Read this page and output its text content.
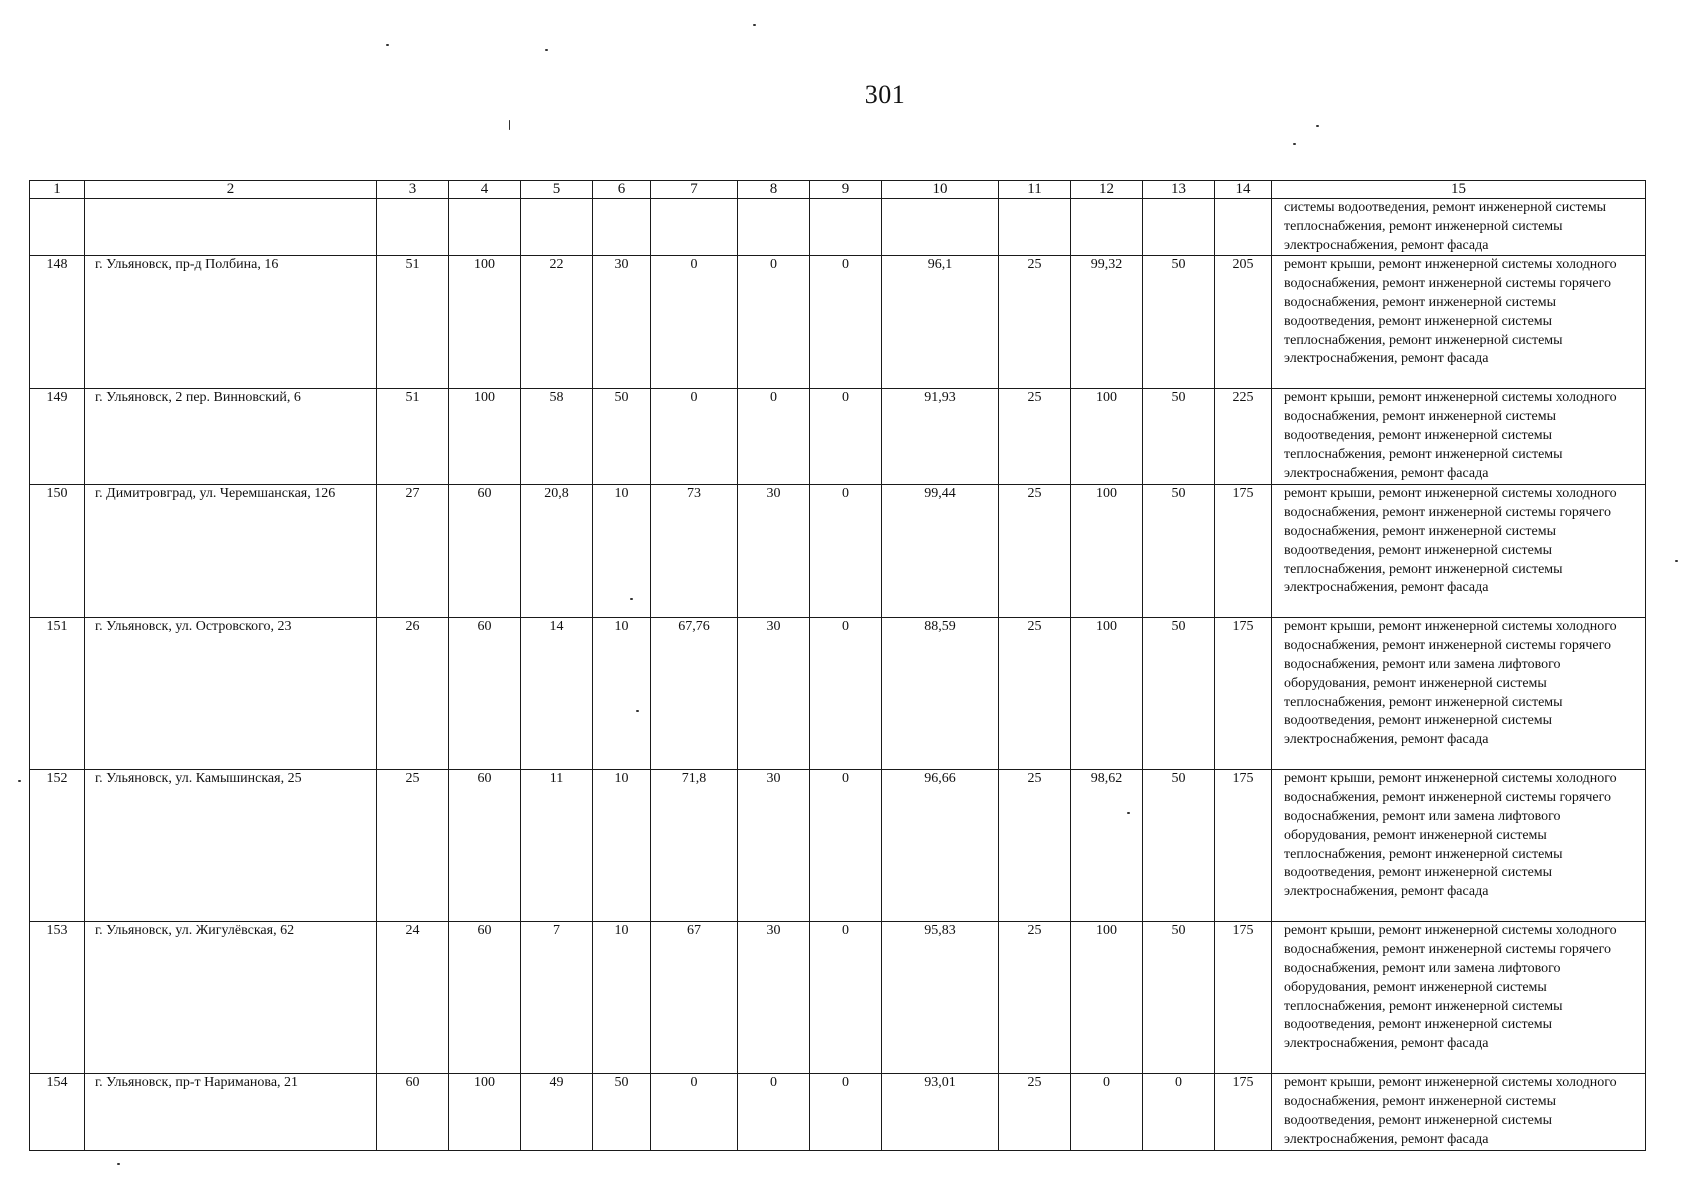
301
1	2	3	4	5	6	7	8	9	10	11	12	13	14	15
														системы водоотведения, ремонт инженерной системы теплоснабжения, ремонт инженерной системы электроснабжения, ремонт фасада
148	г. Ульяновск, пр-д Полбина, 16	51	100	22	30	0	0	0	96,1	25	99,32	50	205	ремонт крыши, ремонт инженерной системы холодного водоснабжения, ремонт инженерной системы горячего водоснабжения, ремонт инженерной системы водоотведения, ремонт инженерной системы теплоснабжения, ремонт инженерной системы электроснабжения, ремонт фасада
149	г. Ульяновск, 2 пер. Винновский, 6	51	100	58	50	0	0	0	91,93	25	100	50	225	ремонт крыши, ремонт инженерной системы холодного водоснабжения, ремонт инженерной системы водоотведения, ремонт инженерной системы теплоснабжения, ремонт инженерной системы электроснабжения, ремонт фасада
150	г. Димитровград, ул. Черемшанская, 126	27	60	20,8	10	73	30	0	99,44	25	100	50	175	ремонт крыши, ремонт инженерной системы холодного водоснабжения, ремонт инженерной системы горячего водоснабжения, ремонт инженерной системы водоотведения, ремонт инженерной системы теплоснабжения, ремонт инженерной системы электроснабжения, ремонт фасада
151	г. Ульяновск, ул. Островского, 23	26	60	14	10	67,76	30	0	88,59	25	100	50	175	ремонт крыши, ремонт инженерной системы холодного водоснабжения, ремонт инженерной системы горячего водоснабжения, ремонт или замена лифтового оборудования, ремонт инженерной системы теплоснабжения, ремонт инженерной системы водоотведения, ремонт инженерной системы электроснабжения, ремонт фасада
152	г. Ульяновск, ул. Камышинская, 25	25	60	11	10	71,8	30	0	96,66	25	98,62	50	175	ремонт крыши, ремонт инженерной системы холодного водоснабжения, ремонт инженерной системы горячего водоснабжения, ремонт или замена лифтового оборудования, ремонт инженерной системы теплоснабжения, ремонт инженерной системы водоотведения, ремонт инженерной системы электроснабжения, ремонт фасада
153	г. Ульяновск, ул. Жигулёвская, 62	24	60	7	10	67	30	0	95,83	25	100	50	175	ремонт крыши, ремонт инженерной системы холодного водоснабжения, ремонт инженерной системы горячего водоснабжения, ремонт или замена лифтового оборудования, ремонт инженерной системы теплоснабжения, ремонт инженерной системы водоотведения, ремонт инженерной системы электроснабжения, ремонт фасада
154	г. Ульяновск, пр-т Нариманова, 21	60	100	49	50	0	0	0	93,01	25	0	0	175	ремонт крыши, ремонт инженерной системы холодного водоснабжения, ремонт инженерной системы водоотведения, ремонт инженерной системы электроснабжения, ремонт фасада
